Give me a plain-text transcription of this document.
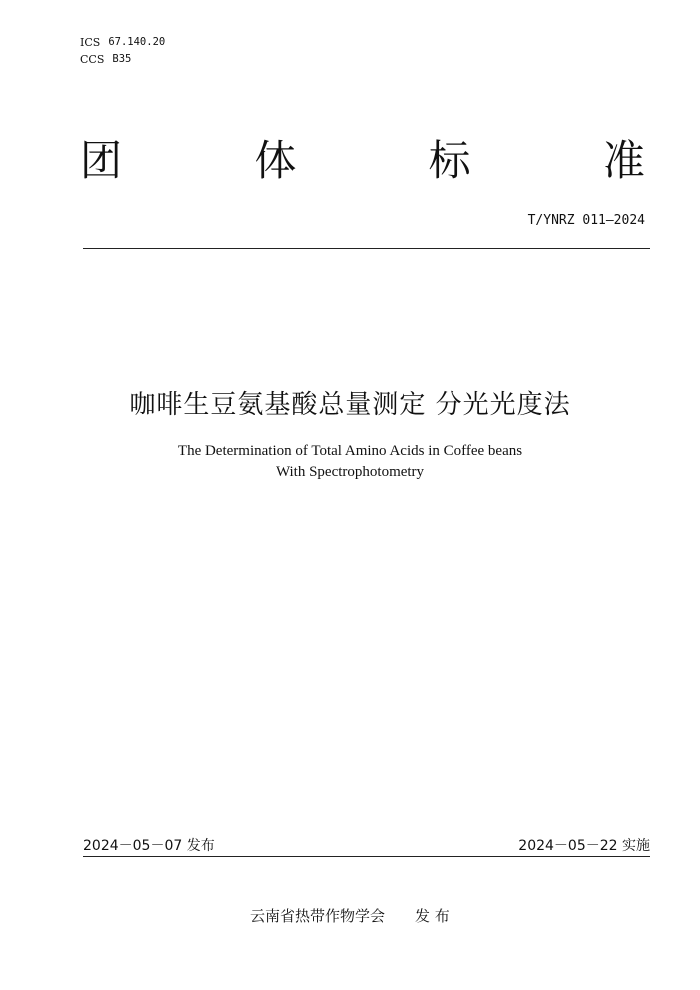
ICS 67.140.20
CCS B35
团	体	标	准
T/YNRZ 011—2024
咖啡生豆氨基酸总量测定 分光光度法
The Determination of Total Amino Acids in Coffee beans
With Spectrophotometry
2024－05－07 发布	2024－05－22 实施
云南省热带作物学会 发 布
